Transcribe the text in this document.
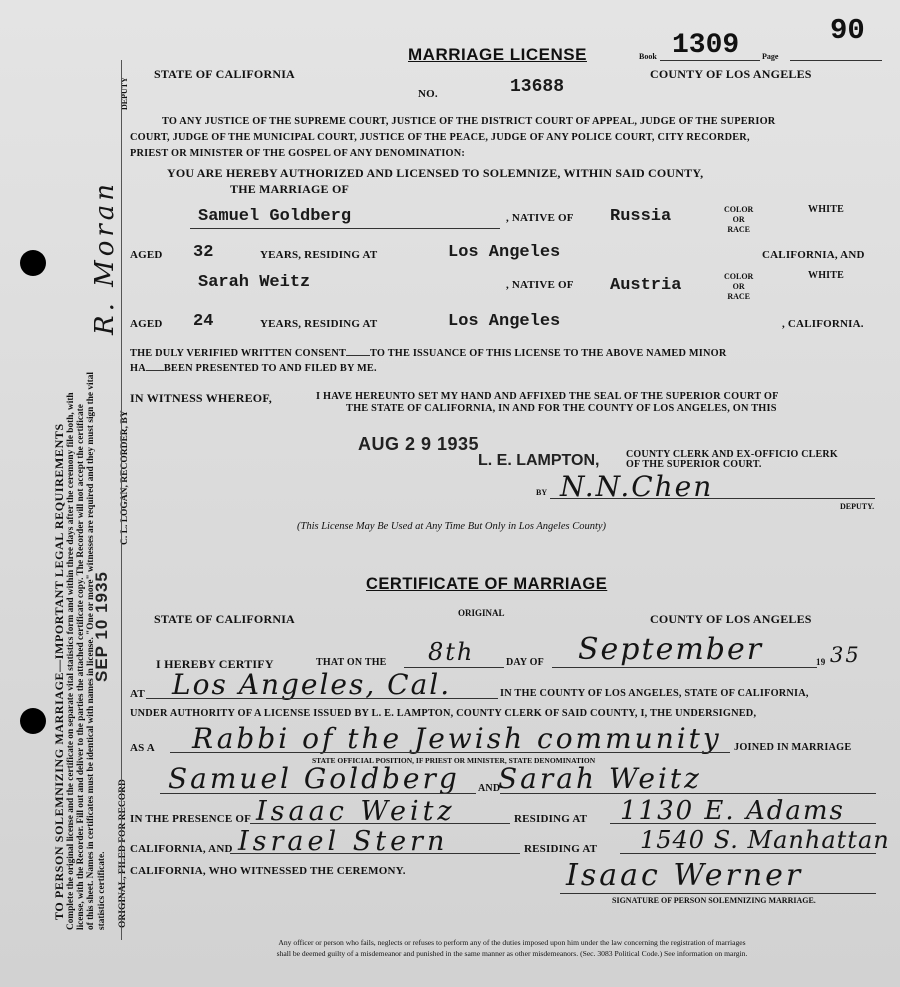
TO PERSON SOLEMNIZING MARRIAGE—IMPORTANT LEGAL REQUIREMENTS Complete the original license and the certificate on separate vital statistics form and within three days after the ceremony file both, with license, with the Recorder. Fill out and deliver to the parties the attached certificate copy. The Recorder will not accept the certificate of this sheet. Names in certificates must be identical with names in license. "One or more" witnesses are required and they must sign the vital statistics certificate.	ORIGINAL, FILED FOR RECORD
SEP 10 1935
C. L. LOGAN, RECORDER, BY
R. Moran
DEPUTY
MARRIAGE LICENSE	Book 1309	Page
90
STATE OF CALIFORNIA
NO.	13688
COUNTY OF LOS ANGELES
TO ANY JUSTICE OF THE SUPREME COURT, JUSTICE OF THE DISTRICT COURT OF APPEAL, JUDGE OF THE SUPERIOR
COURT, JUDGE OF THE MUNICIPAL COURT, JUSTICE OF THE PEACE, JUDGE OF ANY POLICE COURT, CITY RECORDER,
PRIEST OR MINISTER OF THE GOSPEL OF ANY DENOMINATION:
YOU ARE HEREBY AUTHORIZED AND LICENSED TO SOLEMNIZE, WITHIN SAID COUNTY,
THE MARRIAGE OF
Samuel Goldberg	, NATIVE OF Russia	COLOR
OR
RACE
WHITE
AGED 32	YEARS, RESIDING AT	Los Angeles	CALIFORNIA, AND
Sarah Weitz	, NATIVE OF Austria	COLOR
OR
RACE
WHITE
AGED 24	YEARS, RESIDING AT	Los Angeles	, CALIFORNIA.
THE DULY VERIFIED WRITTEN CONSENT TO THE ISSUANCE OF THIS LICENSE TO THE ABOVE NAMED MINOR
HA BEEN PRESENTED TO AND FILED BY ME.
IN WITNESS WHEREOF,	I HAVE HEREUNTO SET MY HAND AND AFFIXED THE SEAL OF THE SUPERIOR COURT OF
THE STATE OF CALIFORNIA, IN AND FOR THE COUNTY OF LOS ANGELES, ON THIS
AUG 2 9 1935
L. E. LAMPTON,	COUNTY CLERK AND EX-OFFICIO CLERK
OF THE SUPERIOR COURT.
BY N.N.Chen
DEPUTY.
(This License May Be Used at Any Time But Only in Los Angeles County)
CERTIFICATE OF MARRIAGE
STATE OF CALIFORNIA	ORIGINAL	COUNTY OF LOS ANGELES
I HEREBY CERTIFY	THAT ON THE 8th	DAY OF September	19 35
AT Los Angeles, Cal.	IN THE COUNTY OF LOS ANGELES, STATE OF CALIFORNIA,
UNDER AUTHORITY OF A LICENSE ISSUED BY L. E. LAMPTON, COUNTY CLERK OF SAID COUNTY, I, THE UNDERSIGNED,
AS A Rabbi of the Jewish community JOINED IN MARRIAGE
STATE OFFICIAL POSITION, IF PRIEST OR MINISTER, STATE DENOMINATION
Samuel Goldberg AND
Sarah Weitz
IN THE PRESENCE OF Isaac Weitz	RESIDING AT 1130 E. Adams
CALIFORNIA, AND Israel Stern	RESIDING AT 1540 S. Manhattan
CALIFORNIA, WHO WITNESSED THE CEREMONY.	Isaac Werner
SIGNATURE OF PERSON SOLEMNIZING MARRIAGE.
Any officer or person who fails, neglects or refuses to perform any of the duties imposed upon him under the law concerning the registration of marriages
shall be deemed guilty of a misdemeanor and punished in the same manner as other misdemeanors. (Sec. 3083 Political Code.) See information on margin.
